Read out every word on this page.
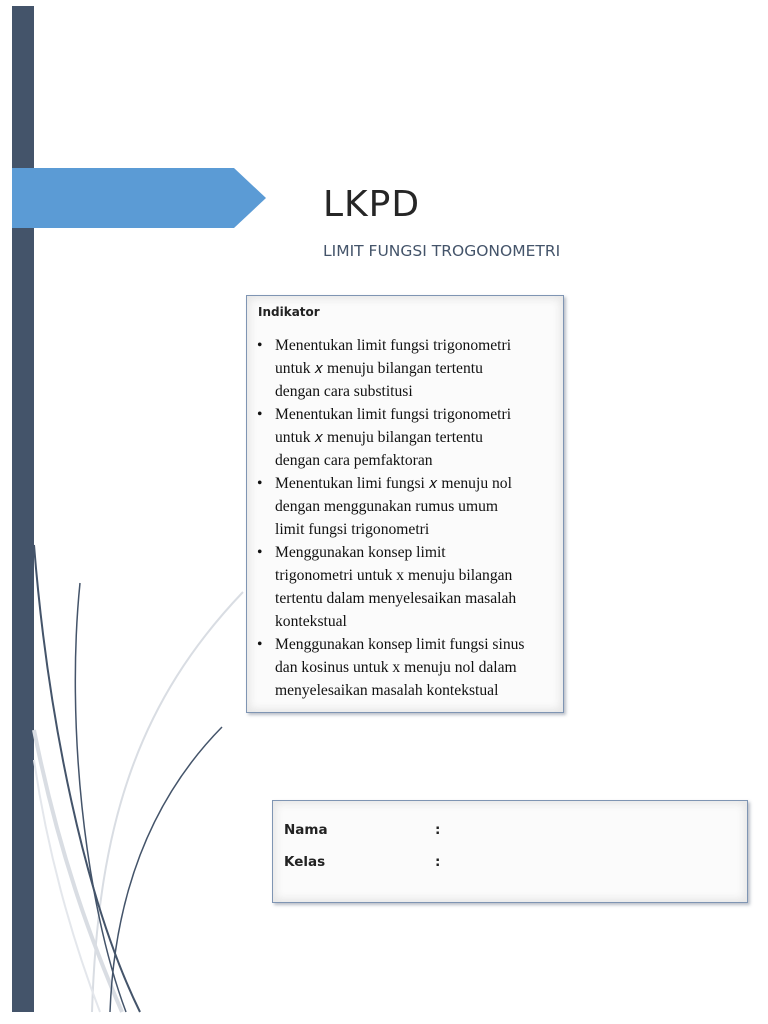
LKPD
LIMIT FUNGSI TROGONOMETRI
Indikator
• Menentukan limit fungsi trigonometri
untuk 𝑥 menuju bilangan tertentu
dengan cara substitusi
• Menentukan limit fungsi trigonometri
untuk 𝑥 menuju bilangan tertentu
dengan cara pemfaktoran
• Menentukan limi fungsi 𝑥 menuju nol
dengan menggunakan rumus umum
limit fungsi trigonometri
• Menggunakan konsep limit
trigonometri untuk x menuju bilangan
tertentu dalam menyelesaikan masalah
kontekstual
• Menggunakan konsep limit fungsi sinus
dan kosinus untuk x menuju nol dalam
menyelesaikan masalah kontekstual
Nama	:
Kelas	:
